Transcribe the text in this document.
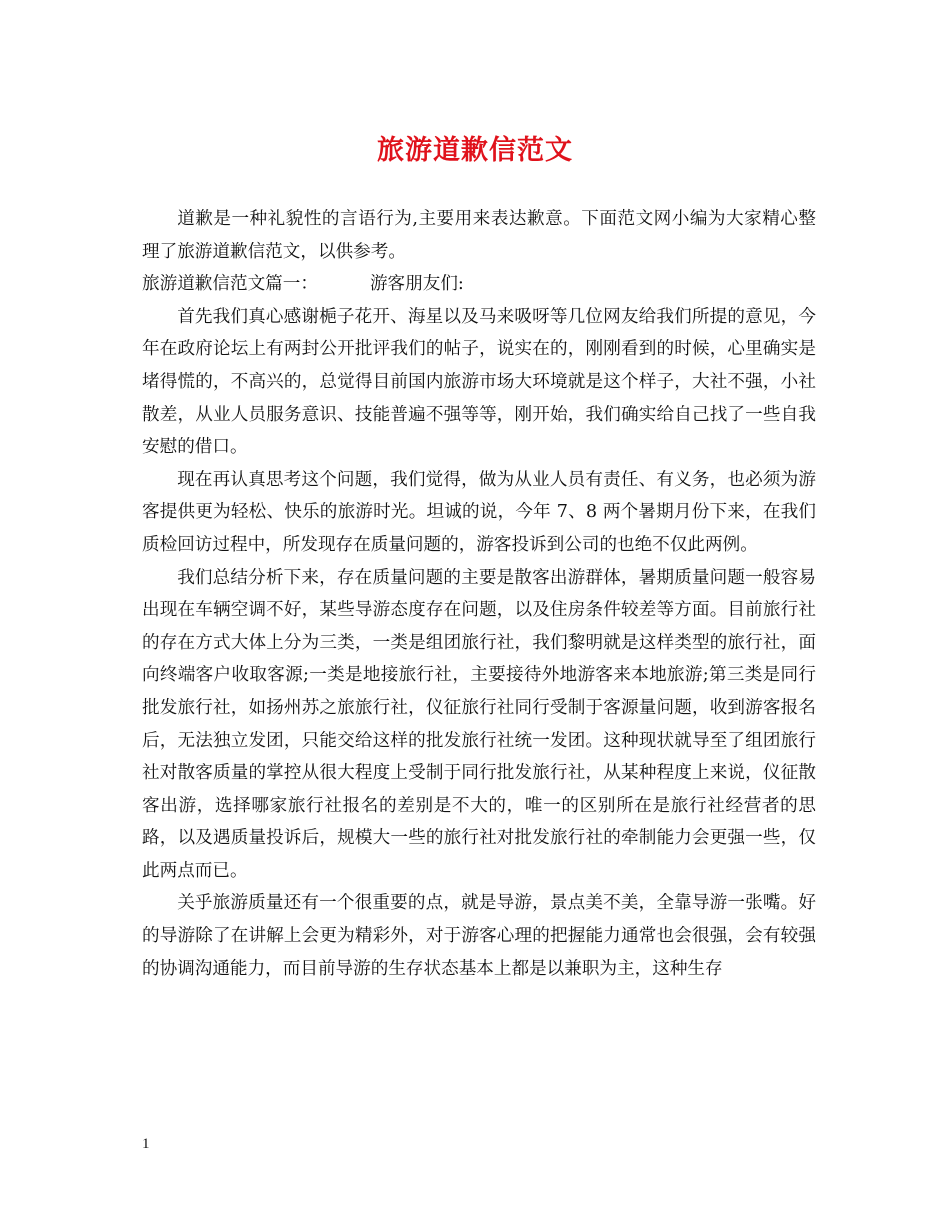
旅游道歉信范文

道歉是一种礼貌性的言语行为,主要用来表达歉意。下面范文网小编为大家精心整理了旅游道歉信范文，以供参考。

旅游道歉信范文篇一：	游客朋友们:

首先我们真心感谢梔子花开、海星以及马来吸呀等几位网友给我们所提的意见，今年在政府论坛上有两封公开批评我们的帖子，说实在的，刚刚看到的时候，心里确实是堵得慌的，不高兴的，总觉得目前国内旅游市场大环境就是这个样子，大社不强，小社散差，从业人员服务意识、技能普遍不强等等，刚开始，我们确实给自己找了一些自我安慰的借口。

现在再认真思考这个问题，我们觉得，做为从业人员有责任、有义务，也必须为游客提供更为轻松、快乐的旅游时光。坦诚的说，今年 7、8 两个暑期月份下来，在我们质检回访过程中，所发现存在质量问题的，游客投诉到公司的也绝不仅此两例。

我们总结分析下来，存在质量问题的主要是散客出游群体，暑期质量问题一般容易出现在车辆空调不好，某些导游态度存在问题，以及住房条件较差等方面。目前旅行社的存在方式大体上分为三类，一类是组团旅行社，我们黎明就是这样类型的旅行社，面向终端客户收取客源;一类是地接旅行社，主要接待外地游客来本地旅游;第三类是同行批发旅行社，如扬州苏之旅旅行社，仪征旅行社同行受制于客源量问题，收到游客报名后，无法独立发团，只能交给这样的批发旅行社统一发团。这种现状就导至了组团旅行社对散客质量的掌控从很大程度上受制于同行批发旅行社，从某种程度上来说，仪征散客出游，选择哪家旅行社报名的差别是不大的，唯一的区别所在是旅行社经营者的思路，以及遇质量投诉后，规模大一些的旅行社对批发旅行社的牵制能力会更强一些，仅此两点而已。

关乎旅游质量还有一个很重要的点，就是导游，景点美不美，全靠导游一张嘴。好的导游除了在讲解上会更为精彩外，对于游客心理的把握能力通常也会很强，会有较强的协调沟通能力，而目前导游的生存状态基本上都是以兼职为主，这种生存

1
